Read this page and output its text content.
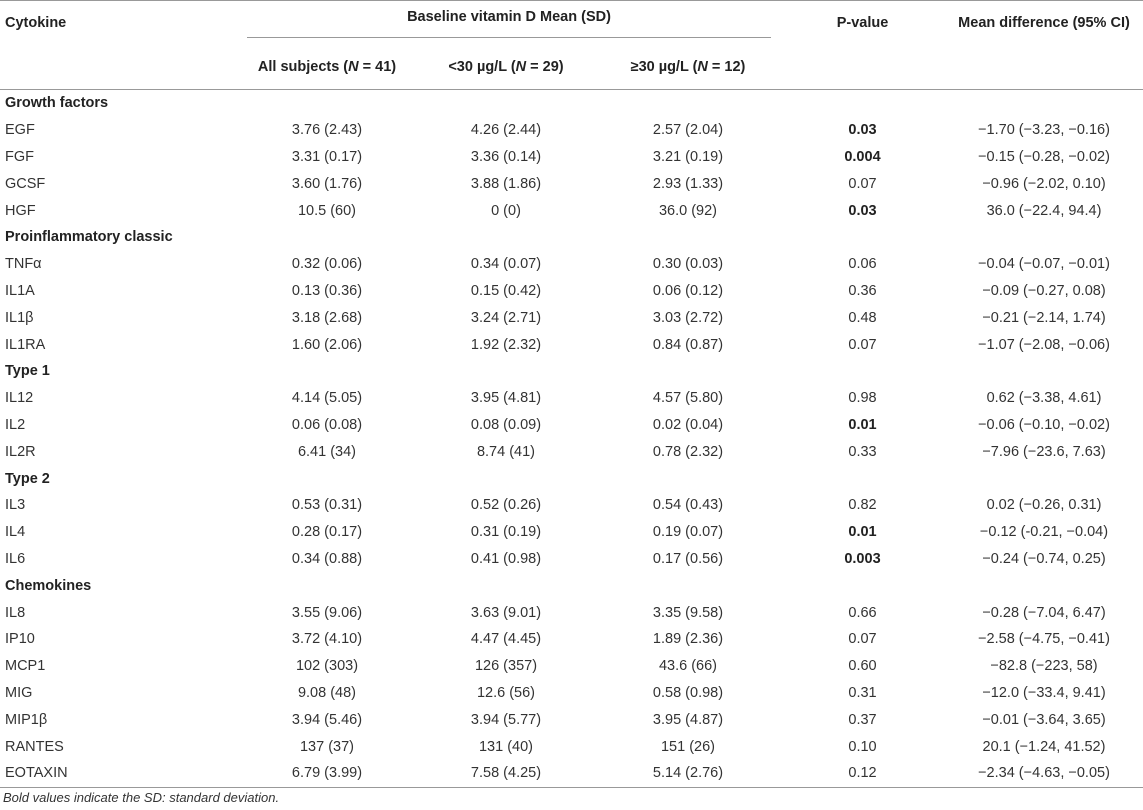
Cytokine	Baseline vitamin D Mean (SD)			P-value	Mean difference (95% CI)
	All subjects (N = 41)	<30 µg/L (N = 29)	≥30 µg/L (N = 12)		
Growth factors					
EGF	3.76 (2.43)	4.26 (2.44)	2.57 (2.04)	0.03	−1.70 (−3.23, −0.16)
FGF	3.31 (0.17)	3.36 (0.14)	3.21 (0.19)	0.004	−0.15 (−0.28, −0.02)
GCSF	3.60 (1.76)	3.88 (1.86)	2.93 (1.33)	0.07	−0.96 (−2.02, 0.10)
HGF	10.5 (60)	0 (0)	36.0 (92)	0.03	36.0 (−22.4, 94.4)
Proinflammatory classic					
TNFα	0.32 (0.06)	0.34 (0.07)	0.30 (0.03)	0.06	−0.04 (−0.07, −0.01)
IL1A	0.13 (0.36)	0.15 (0.42)	0.06 (0.12)	0.36	−0.09 (−0.27, 0.08)
IL1β	3.18 (2.68)	3.24 (2.71)	3.03 (2.72)	0.48	−0.21 (−2.14, 1.74)
IL1RA	1.60 (2.06)	1.92 (2.32)	0.84 (0.87)	0.07	−1.07 (−2.08, −0.06)
Type 1					
IL12	4.14 (5.05)	3.95 (4.81)	4.57 (5.80)	0.98	0.62 (−3.38, 4.61)
IL2	0.06 (0.08)	0.08 (0.09)	0.02 (0.04)	0.01	−0.06 (−0.10, −0.02)
IL2R	6.41 (34)	8.74 (41)	0.78 (2.32)	0.33	−7.96 (−23.6, 7.63)
Type 2					
IL3	0.53 (0.31)	0.52 (0.26)	0.54 (0.43)	0.82	0.02 (−0.26, 0.31)
IL4	0.28 (0.17)	0.31 (0.19)	0.19 (0.07)	0.01	−0.12 (-0.21, −0.04)
IL6	0.34 (0.88)	0.41 (0.98)	0.17 (0.56)	0.003	−0.24 (−0.74, 0.25)
Chemokines					
IL8	3.55 (9.06)	3.63 (9.01)	3.35 (9.58)	0.66	−0.28 (−7.04, 6.47)
IP10	3.72 (4.10)	4.47 (4.45)	1.89 (2.36)	0.07	−2.58 (−4.75, −0.41)
MCP1	102 (303)	126 (357)	43.6 (66)	0.60	−82.8 (−223, 58)
MIG	9.08 (48)	12.6 (56)	0.58 (0.98)	0.31	−12.0 (−33.4, 9.41)
MIP1β	3.94 (5.46)	3.94 (5.77)	3.95 (4.87)	0.37	−0.01 (−3.64, 3.65)
RANTES	137 (37)	131 (40)	151 (26)	0.10	20.1 (−1.24, 41.52)
EOTAXIN	6.79 (3.99)	7.58 (4.25)	5.14 (2.76)	0.12	−2.34 (−4.63, −0.05)
Bold values indicate the SD: standard deviation.
